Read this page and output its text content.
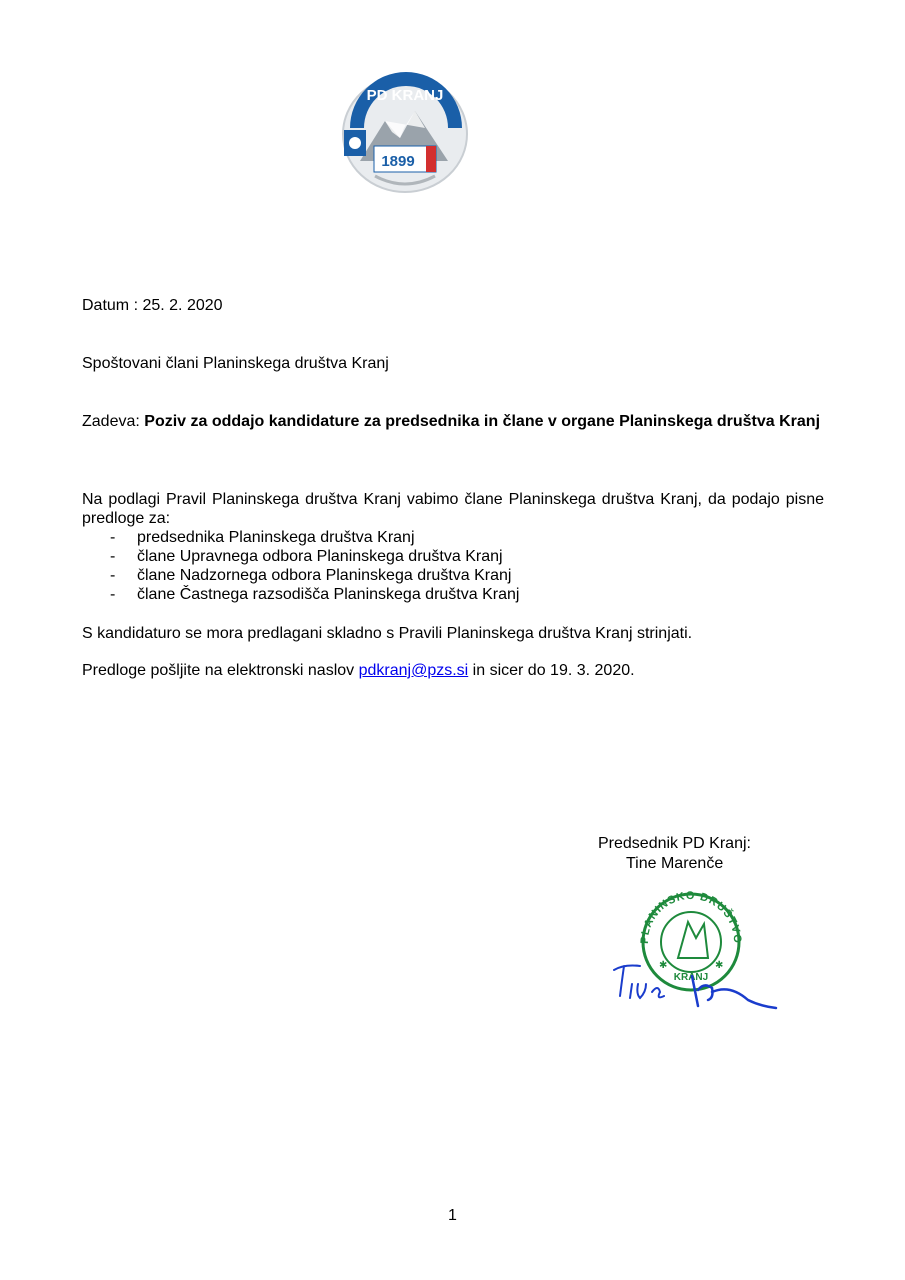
1899
PD KRANJ
Datum : 25. 2. 2020
Spoštovani člani Planinskega društva Kranj
Zadeva: Poziv za oddajo kandidature za predsednika in člane v organe Planinskega društva Kranj
Na podlagi Pravil Planinskega društva Kranj vabimo člane Planinskega društva Kranj, da podajo pisne predloge za:
- predsednika Planinskega društva Kranj
- člane Upravnega odbora Planinskega društva Kranj
- člane Nadzornega odbora Planinskega društva Kranj
- člane Častnega razsodišča Planinskega društva Kranj
S kandidaturo se mora predlagani skladno s Pravili Planinskega društva Kranj strinjati.
Predloge pošljite na elektronski naslov pdkranj@pzs.si in sicer do 19. 3. 2020.
Predsednik PD Kranj:
Tine Marenče
PLANINSKO DRUŠTVO
KRANJ
✱	✱
1
